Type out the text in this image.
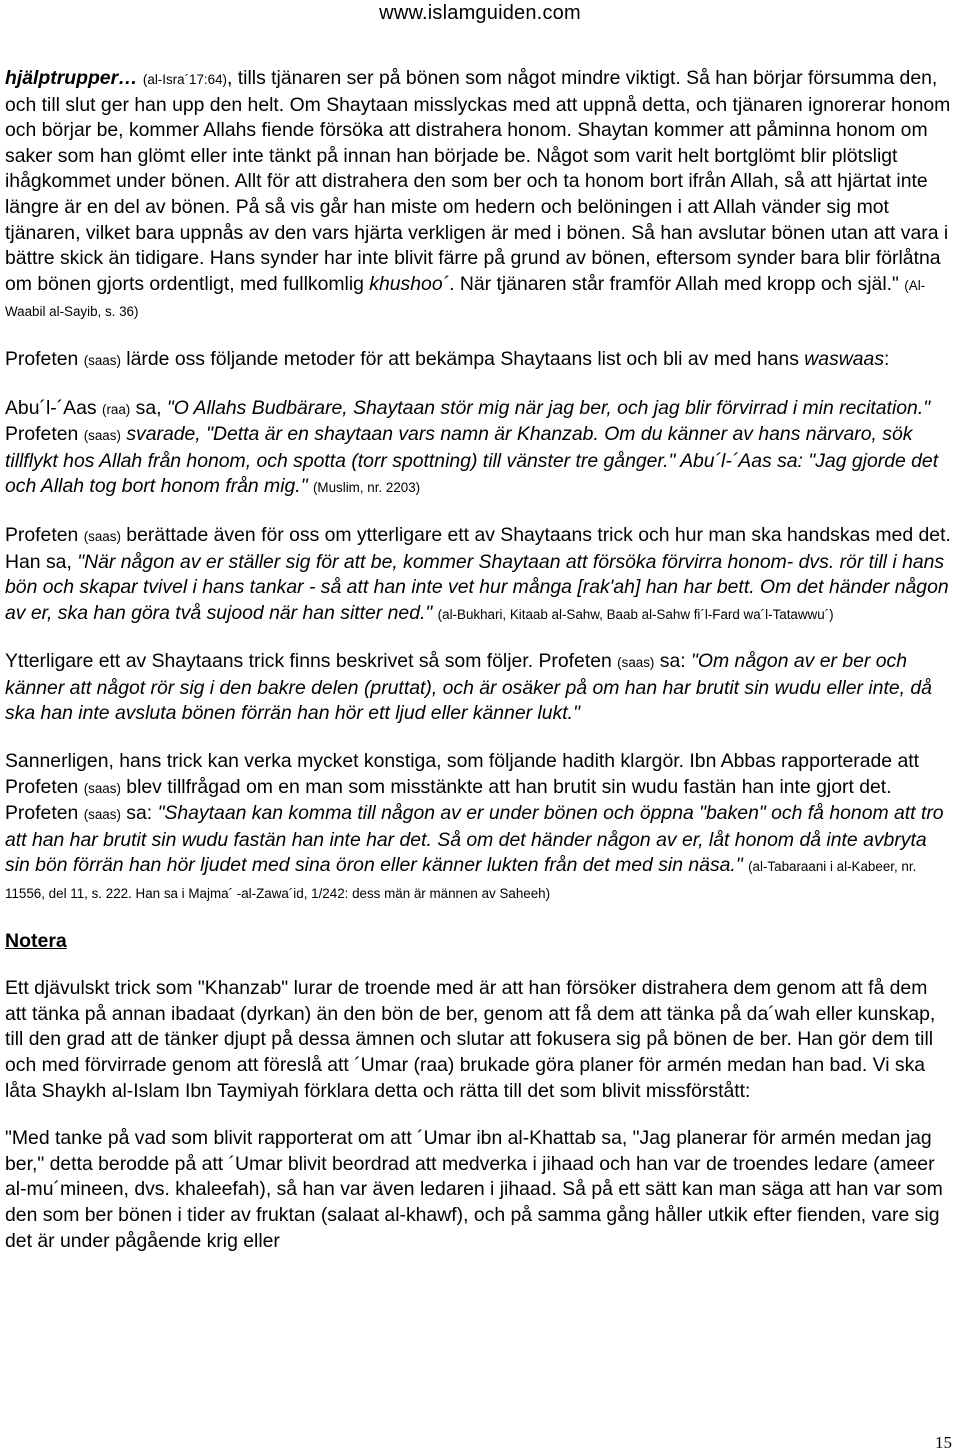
www.islamguiden.com

hjälptrupper… (al-Isra´17:64), tills tjänaren ser på bönen som något mindre viktigt. Så han börjar försumma den, och till slut ger han upp den helt. Om Shaytaan misslyckas med att uppnå detta, och tjänaren ignorerar honom och börjar be, kommer Allahs fiende försöka att distrahera honom. Shaytan kommer att påminna honom om saker som han glömt eller inte tänkt på innan han började be. Något som varit helt bortglömt blir plötsligt ihågkommet under bönen. Allt för att distrahera den som ber och ta honom bort ifrån Allah, så att hjärtat inte längre är en del av bönen. På så vis går han miste om hedern och belöningen i att Allah vänder sig mot tjänaren, vilket bara uppnås av den vars hjärta verkligen är med i bönen. Så han avslutar bönen utan att vara i bättre skick än tidigare. Hans synder har inte blivit färre på grund av bönen, eftersom synder bara blir förlåtna om bönen gjorts ordentligt, med fullkomlig khushoo´. När tjänaren står framför Allah med kropp och själ." (Al-Waabil al-Sayib, s. 36)

Profeten (saas) lärde oss följande metoder för att bekämpa Shaytaans list och bli av med hans waswaas:

Abu´l-´Aas (raa) sa, "O Allahs Budbärare, Shaytaan stör mig när jag ber, och jag blir förvirrad i min recitation." Profeten (saas) svarade, "Detta är en shaytaan vars namn är Khanzab. Om du känner av hans närvaro, sök tillflykt hos Allah från honom, och spotta (torr spottning) till vänster tre gånger." Abu´l-´Aas sa: "Jag gjorde det och Allah tog bort honom från mig." (Muslim, nr. 2203)

Profeten (saas) berättade även för oss om ytterligare ett av Shaytaans trick och hur man ska handskas med det. Han sa, "När någon av er ställer sig för att be, kommer Shaytaan att försöka förvirra honom- dvs. rör till i hans bön och skapar tvivel i hans tankar - så att han inte vet hur många [rak'ah] han har bett. Om det händer någon av er, ska han göra två sujood när han sitter ned." (al-Bukhari, Kitaab al-Sahw, Baab al-Sahw fi´l-Fard wa´l-Tatawwu´)

Ytterligare ett av Shaytaans trick finns beskrivet så som följer. Profeten (saas) sa: "Om någon av er ber och känner att något rör sig i den bakre delen (pruttat), och är osäker på om han har brutit sin wudu eller inte, då ska han inte avsluta bönen förrän han hör ett ljud eller känner lukt."

Sannerligen, hans trick kan verka mycket konstiga, som följande hadith klargör. Ibn Abbas rapporterade att Profeten (saas) blev tillfrågad om en man som misstänkte att han brutit sin wudu fastän han inte gjort det. Profeten (saas) sa: "Shaytaan kan komma till någon av er under bönen och öppna "baken" och få honom att tro att han har brutit sin wudu fastän han inte har det. Så om det händer någon av er, låt honom då inte avbryta sin bön förrän han hör ljudet med sina öron eller känner lukten från det med sin näsa." (al-Tabaraani i al-Kabeer, nr. 11556, del 11, s. 222. Han sa i Majma´ -al-Zawa´id, 1/242: dess män är männen av Saheeh)

Notera

Ett djävulskt trick som "Khanzab" lurar de troende med är att han försöker distrahera dem genom att få dem att tänka på annan ibadaat (dyrkan) än den bön de ber, genom att få dem att tänka på da´wah eller kunskap, till den grad att de tänker djupt på dessa ämnen och slutar att fokusera sig på bönen de ber. Han gör dem till och med förvirrade genom att föreslå att ´Umar (raa) brukade göra planer för armén medan han bad. Vi ska låta Shaykh al-Islam Ibn Taymiyah förklara detta och rätta till det som blivit missförstått:

"Med tanke på vad som blivit rapporterat om att ´Umar ibn al-Khattab sa, "Jag planerar för armén medan jag ber," detta berodde på att ´Umar blivit beordrad att medverka i jihaad och han var de troendes ledare (ameer al-mu´mineen, dvs. khaleefah), så han var även ledaren i jihaad. Så på ett sätt kan man säga att han var som den som ber bönen i tider av fruktan (salaat al-khawf), och på samma gång håller utkik efter fienden, vare sig det är under pågående krig eller

15
